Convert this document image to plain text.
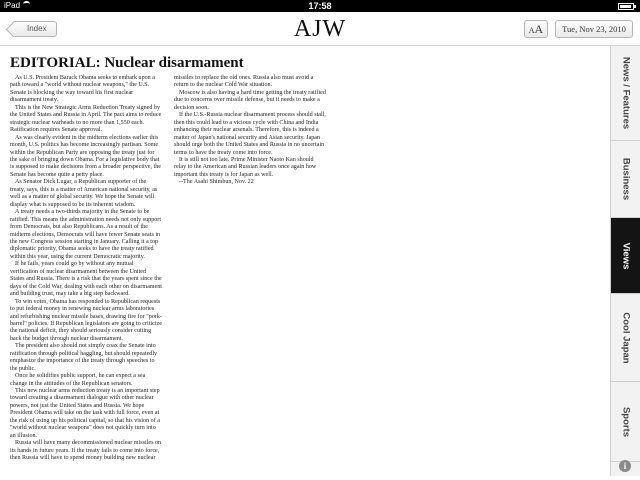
iPad	17:58
Index	AJW	AA	Tue, Nov 23, 2010
EDITORIAL: Nuclear disarmament

As U.S. President Barack Obama seeks to embark upon a path toward a "world without nuclear weapons," the U.S. Senate is blocking the way toward his first nuclear disarmament treaty.

This is the New Strategic Arms Reduction Treaty signed by the United States and Russia in April. The pact aims to reduce strategic nuclear warheads to no more than 1,550 each. Ratification requires Senate approval.

As was clearly evident in the midterm elections earlier this month, U.S. politics has become increasingly partisan. Some within the Republican Party are opposing the treaty just for the sake of bringing down Obama. For a legislative body that is supposed to make decisions from a broader perspective, the Senate has become quite a petty place.

As Senator Dick Lugar, a Republican supporter of the treaty, says, this is a matter of American national security, as well as a matter of global security. We hope the Senate will display what is supposed to be its inherent wisdom.

A treaty needs a two-thirds majority in the Senate to be ratified. This means the administration needs not only support from Democrats, but also Republicans. As a result of the midterm elections, Democrats will have fewer Senate seats in the new Congress session starting in January. Calling it a top diplomatic priority, Obama seeks to have the treaty ratified within this year, using the current Democratic majority.

If he fails, years could go by without any mutual verification of nuclear disarmament between the United States and Russia. There is a risk that the years spent since the days of the Cold War, dealing with each other on disarmament and building trust, may take a big step backward.

To win votes, Obama has responded to Republican requests to put federal money in renewing nuclear arms laboratories and refurbishing nuclear missile bases, drawing fire for "pork-barrel" policies. If Republican legislators are going to criticize the national deficit, they should seriously consider cutting back the budget through nuclear disarmament.

The president also should not simply coax the Senate into ratification through political haggling, but should repeatedly emphasize the importance of the treaty through speeches to the public.

Once he solidifies public support, he can expect a sea change in the attitudes of the Republican senators.

This new nuclear arms reduction treaty is an important step toward creating a disarmament dialogue with other nuclear powers, not just the United States and Russia. We hope President Obama will take on the task with full force, even at the risk of using up his political capital, so that his vision of a "world without nuclear weapons" does not quickly turn into an illusion.

Russia will have many decommissioned nuclear missiles on its hands in future years. If the treaty fails to come into force, then Russia will have to spend money building new nuclear missiles to replace the old ones. Russia also must avoid a return to the nuclear Cold War situation.

Moscow is also having a hard time getting the treaty ratified due to concerns over missile defense, but it needs to make a decision soon.

If the U.S.-Russia nuclear disarmament process should stall, then this could lead to a vicious cycle with China and India enhancing their nuclear arsenals. Therefore, this is indeed a matter of Japan's national security and Asian security. Japan should urge both the United States and Russia in no uncertain terms to have the treaty come into force.

It is still not too late. Prime Minister Naoto Kan should relay to the American and Russian leaders once again how important this treaty is for Japan as well.

--The Asahi Shimbun, Nov. 22

News / Features
Business
Views
Cool Japan
Sports
i
